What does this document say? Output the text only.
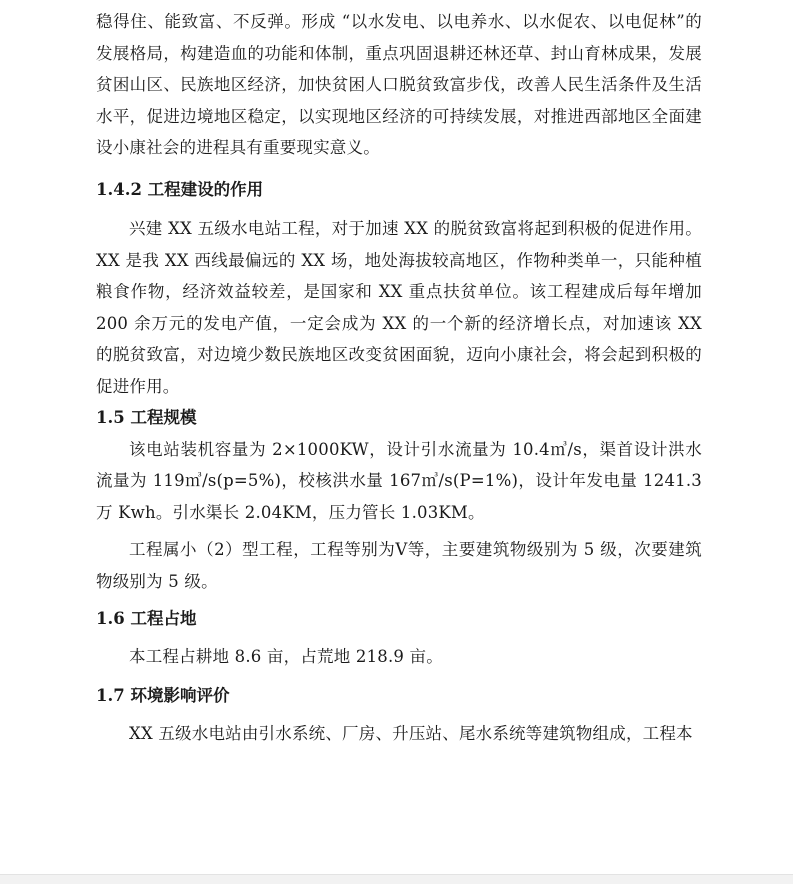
稳得住、能致富、不反弹。形成 “以水发电、以电养水、以水促农、以电促林”的发展格局，构建造血的功能和体制，重点巩固退耕还林还草、封山育林成果，发展贫困山区、民族地区经济，加快贫困人口脱贫致富步伐，改善人民生活条件及生活水平，促进边境地区稳定，以实现地区经济的可持续发展，对推进西部地区全面建设小康社会的进程具有重要现实意义。

1.4.2 工程建设的作用

兴建 XX 五级水电站工程，对于加速 XX 的脱贫致富将起到积极的促进作用。XX 是我 XX 西线最偏远的 XX 场，地处海拔较高地区，作物种类单一，只能种植粮食作物，经济效益较差，是国家和 XX 重点扶贫单位。该工程建成后每年增加 200 余万元的发电产值，一定会成为 XX 的一个新的经济增长点，对加速该 XX 的脱贫致富，对边境少数民族地区改变贫困面貌，迈向小康社会，将会起到积极的促进作用。

1.5 工程规模

该电站装机容量为 2×1000KW，设计引水流量为 10.4㎥/s，渠首设计洪水流量为 119㎥/s(p=5%)，校核洪水量 167㎥/s(P=1%)，设计年发电量 1241.3 万 Kwh。引水渠长 2.04KM，压力管长 1.03KM。

工程属小（2）型工程，工程等别为Ⅴ等，主要建筑物级别为 5 级，次要建筑物级别为 5 级。

1.6 工程占地

本工程占耕地 8.6 亩，占荒地 218.9 亩。

1.7 环境影响评价

XX 五级水电站由引水系统、厂房、升压站、尾水系统等建筑物组成，工程本
